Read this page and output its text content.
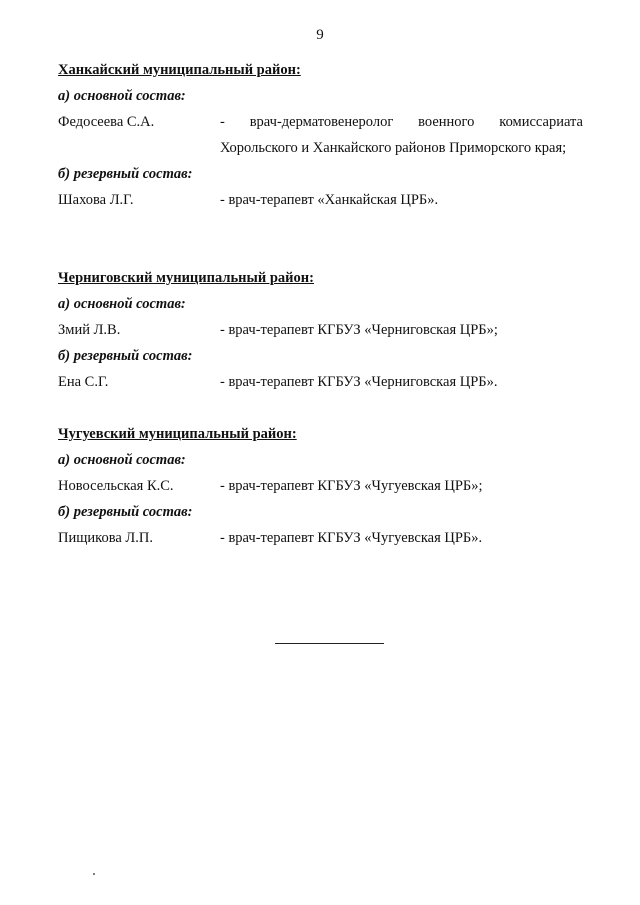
9
Ханкайский муниципальный район:
а) основной состав:
Федосеева С.А.	- врач-дерматовенеролог военного комиссариата Хорольского и Ханкайского районов Приморского края;
б) резервный состав:
Шахова Л.Г.	- врач-терапевт «Ханкайская ЦРБ».
Черниговский муниципальный район:
а) основной состав:
Змий Л.В.	- врач-терапевт КГБУЗ «Черниговская ЦРБ»;
б) резервный состав:
Ена С.Г.	- врач-терапевт КГБУЗ «Черниговская ЦРБ».
Чугуевский муниципальный район:
а) основной состав:
Новосельская К.С.	- врач-терапевт КГБУЗ «Чугуевская ЦРБ»;
б) резервный состав:
Пищикова Л.П.	- врач-терапевт КГБУЗ «Чугуевская ЦРБ».
